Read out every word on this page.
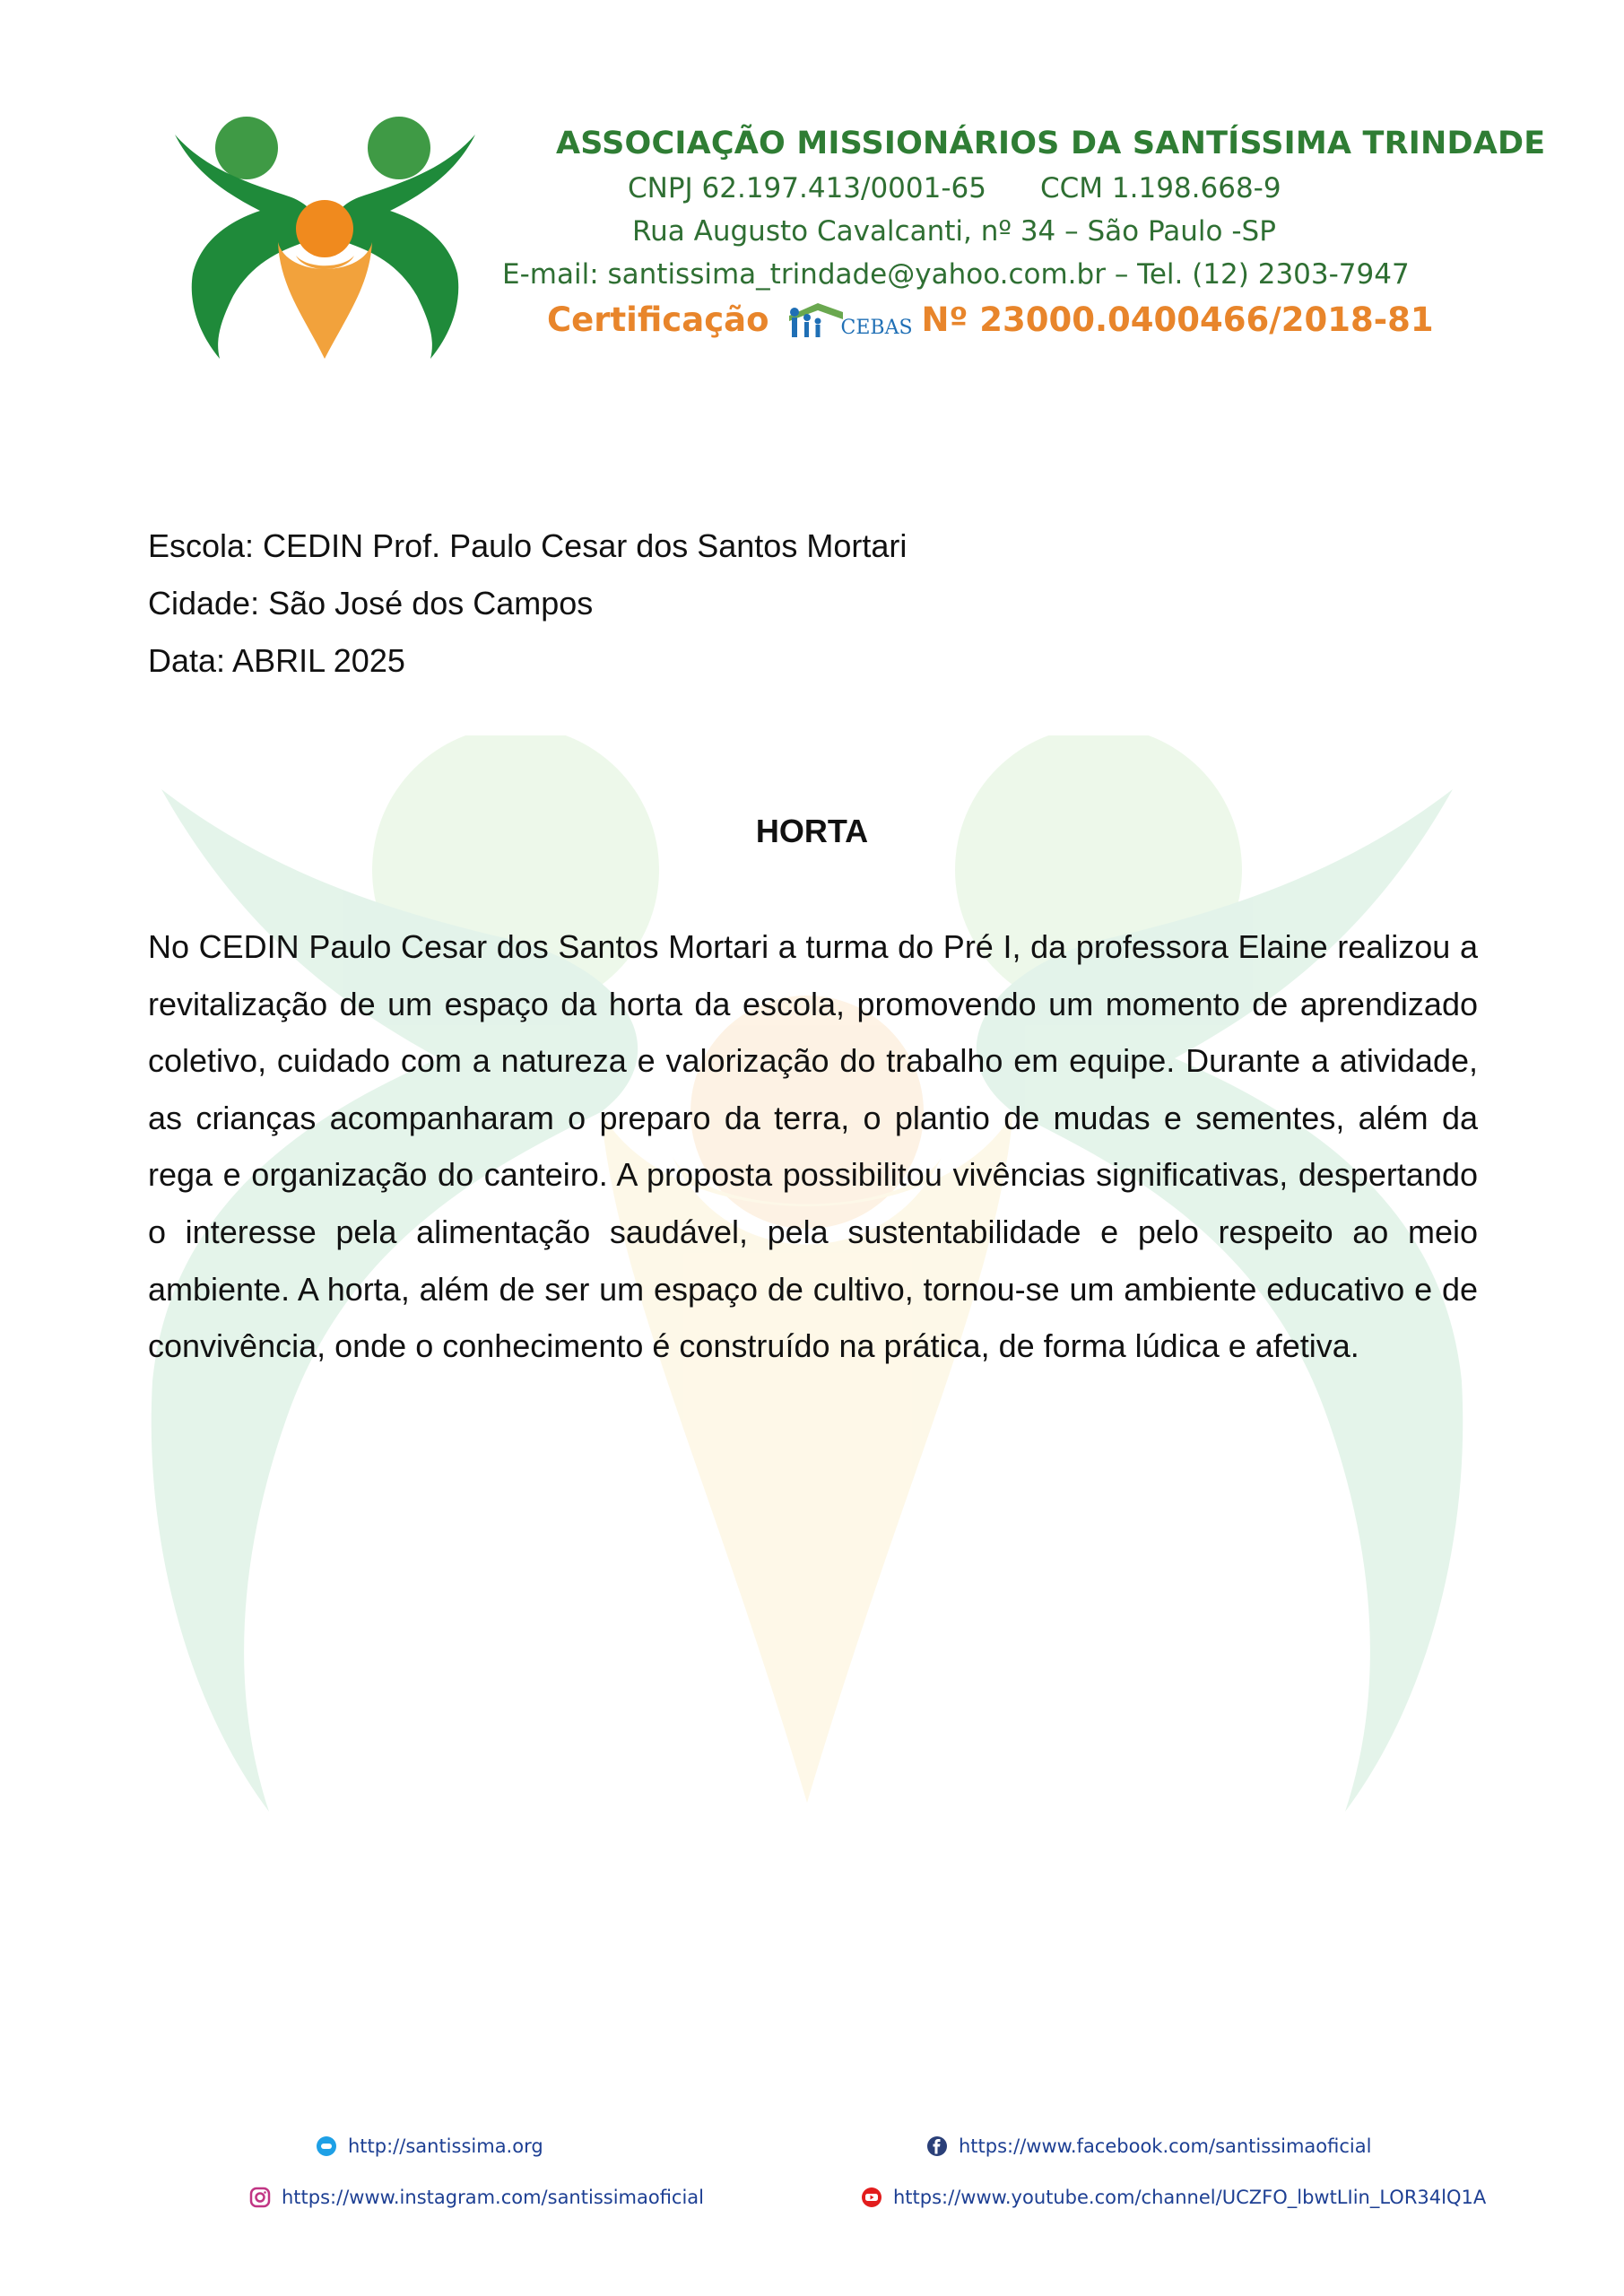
ASSOCIAÇÃO MISSIONÁRIOS DA SANTÍSSIMA TRINDADE
CNPJ 62.197.413/0001-65 CCM 1.198.668-9
Rua Augusto Cavalcanti, nº 34 – São Paulo -SP
E-mail: santissima_trindade@yahoo.com.br – Tel. (12) 2303-7947
Certificação	CEBAS Nº 23000.0400466/2018-81
Escola: CEDIN Prof. Paulo Cesar dos Santos Mortari
Cidade: São José dos Campos
Data: ABRIL 2025
HORTA
No CEDIN Paulo Cesar dos Santos Mortari a turma do Pré I, da professora Elaine realizou a revitalização de um espaço da horta da escola, promovendo um momento de aprendizado coletivo, cuidado com a natureza e valorização do trabalho em equipe. Durante a atividade, as crianças acompanharam o preparo da terra, o plantio de mudas e sementes, além da rega e organização do canteiro. A proposta possibilitou vivências significativas, despertando o interesse pela alimentação saudável, pela sustentabilidade e pelo respeito ao meio ambiente. A horta, além de ser um espaço de cultivo, tornou-se um ambiente educativo e de convivência, onde o conhecimento é construído na prática, de forma lúdica e afetiva.
http://santissima.org	https://www.facebook.com/santissimaoficial
https://www.instagram.com/santissimaoficial	https://www.youtube.com/channel/UCZFO_lbwtLIin_LOR34lQ1A
